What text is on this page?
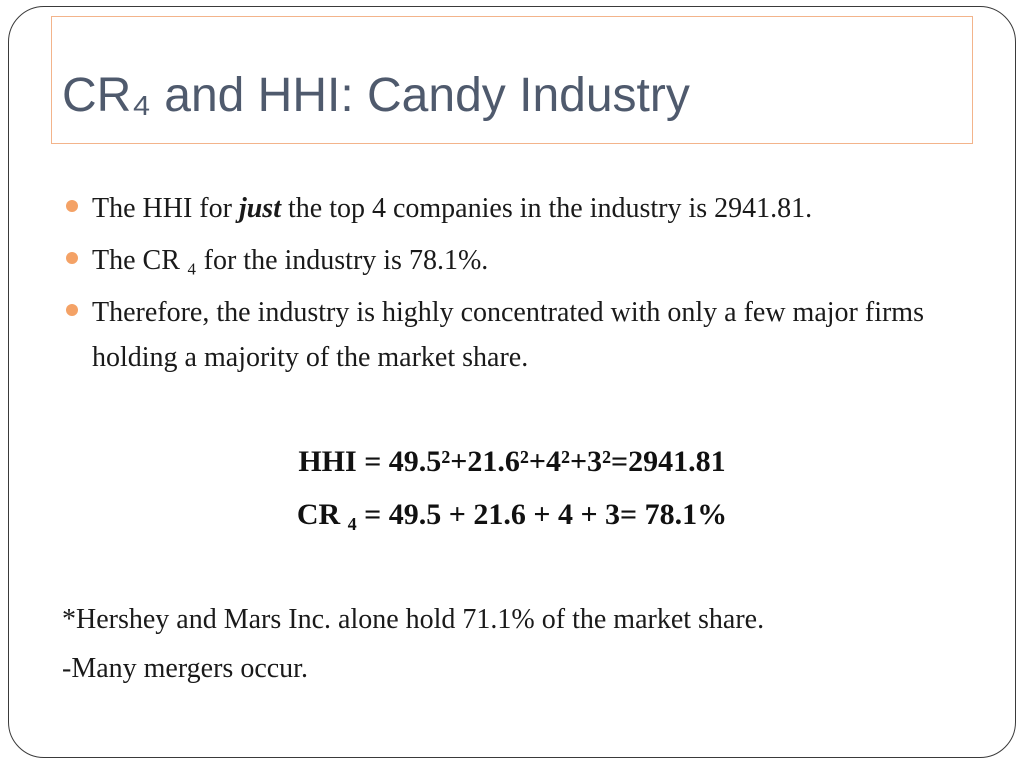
CR₄ and HHI: Candy Industry
The HHI for just the top 4 companies in the industry is 2941.81.
The CR ₄ for the industry is 78.1%.
Therefore, the industry is highly concentrated with only a few major firms holding a majority of the market share.
HHI = 49.5²+21.6²+4²+3²=2941.81
CR ₄ = 49.5 + 21.6 + 4 + 3= 78.1%
*Hershey and Mars Inc. alone hold 71.1% of the market share.
-Many mergers occur.
